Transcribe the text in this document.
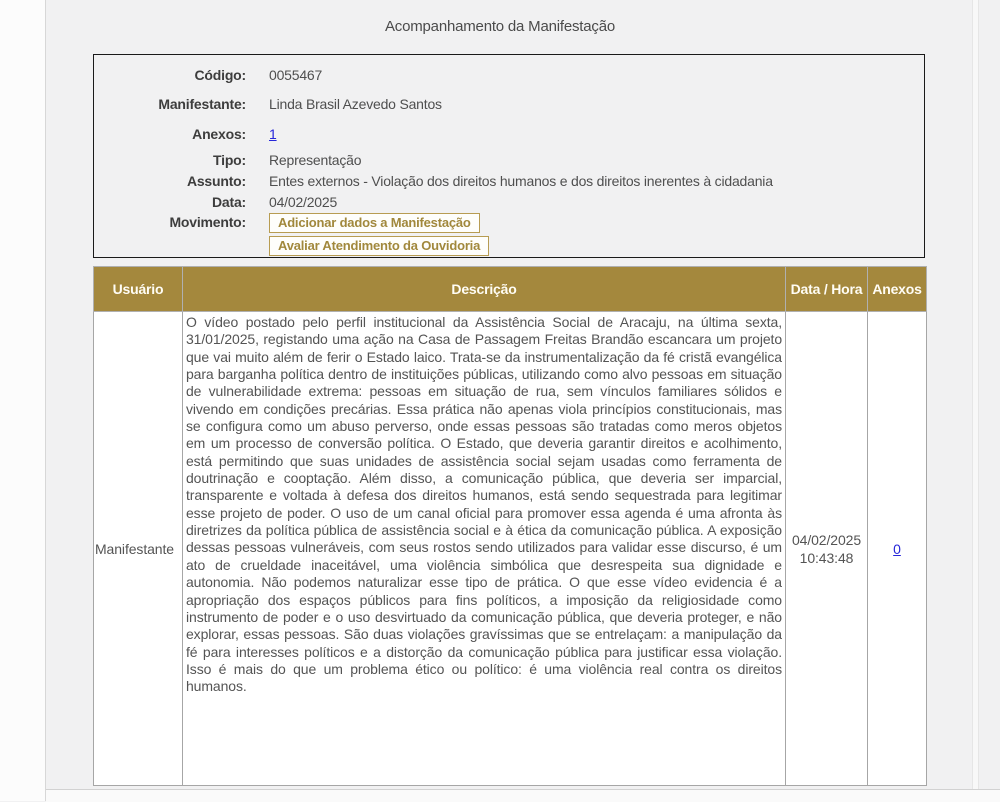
Acompanhamento da Manifestação
Código:	0055467
Manifestante:	Linda Brasil Azevedo Santos
Anexos:	1
Tipo:	Representação
Assunto:	Entes externos - Violação dos direitos humanos e dos direitos inerentes à cidadania
Data:	04/02/2025
Movimento:	Adicionar dados a Manifestação
Avaliar Atendimento da Ouvidoria
Usuário	Descrição	Data / Hora	Anexos
Manifestante	O vídeo postado pelo perfil institucional da Assistência Social de Aracaju, na última sexta, 31/01/2025, registando uma ação na Casa de Passagem Freitas Brandão escancara um projeto que vai muito além de ferir o Estado laico. Trata-se da instrumentalização da fé cristã evangélica para barganha política dentro de instituições públicas, utilizando como alvo pessoas em situação de vulnerabilidade extrema: pessoas em situação de rua, sem vínculos familiares sólidos e vivendo em condições precárias. Essa prática não apenas viola princípios constitucionais, mas se configura como um abuso perverso, onde essas pessoas são tratadas como meros objetos em um processo de conversão política. O Estado, que deveria garantir direitos e acolhimento, está permitindo que suas unidades de assistência social sejam usadas como ferramenta de doutrinação e cooptação. Além disso, a comunicação pública, que deveria ser imparcial, transparente e voltada à defesa dos direitos humanos, está sendo sequestrada para legitimar esse projeto de poder. O uso de um canal oficial para promover essa agenda é uma afronta às diretrizes da política pública de assistência social e à ética da comunicação pública. A exposição dessas pessoas vulneráveis, com seus rostos sendo utilizados para validar esse discurso, é um ato de crueldade inaceitável, uma violência simbólica que desrespeita sua dignidade e autonomia. Não podemos naturalizar esse tipo de prática. O que esse vídeo evidencia é a apropriação dos espaços públicos para fins políticos, a imposição da religiosidade como instrumento de poder e o uso desvirtuado da comunicação pública, que deveria proteger, e não explorar, essas pessoas. São duas violações gravíssimas que se entrelaçam: a manipulação da fé para interesses políticos e a distorção da comunicação pública para justificar essa violação. Isso é mais do que um problema ético ou político: é uma violência real contra os direitos humanos.	04/02/2025 10:43:48	0
